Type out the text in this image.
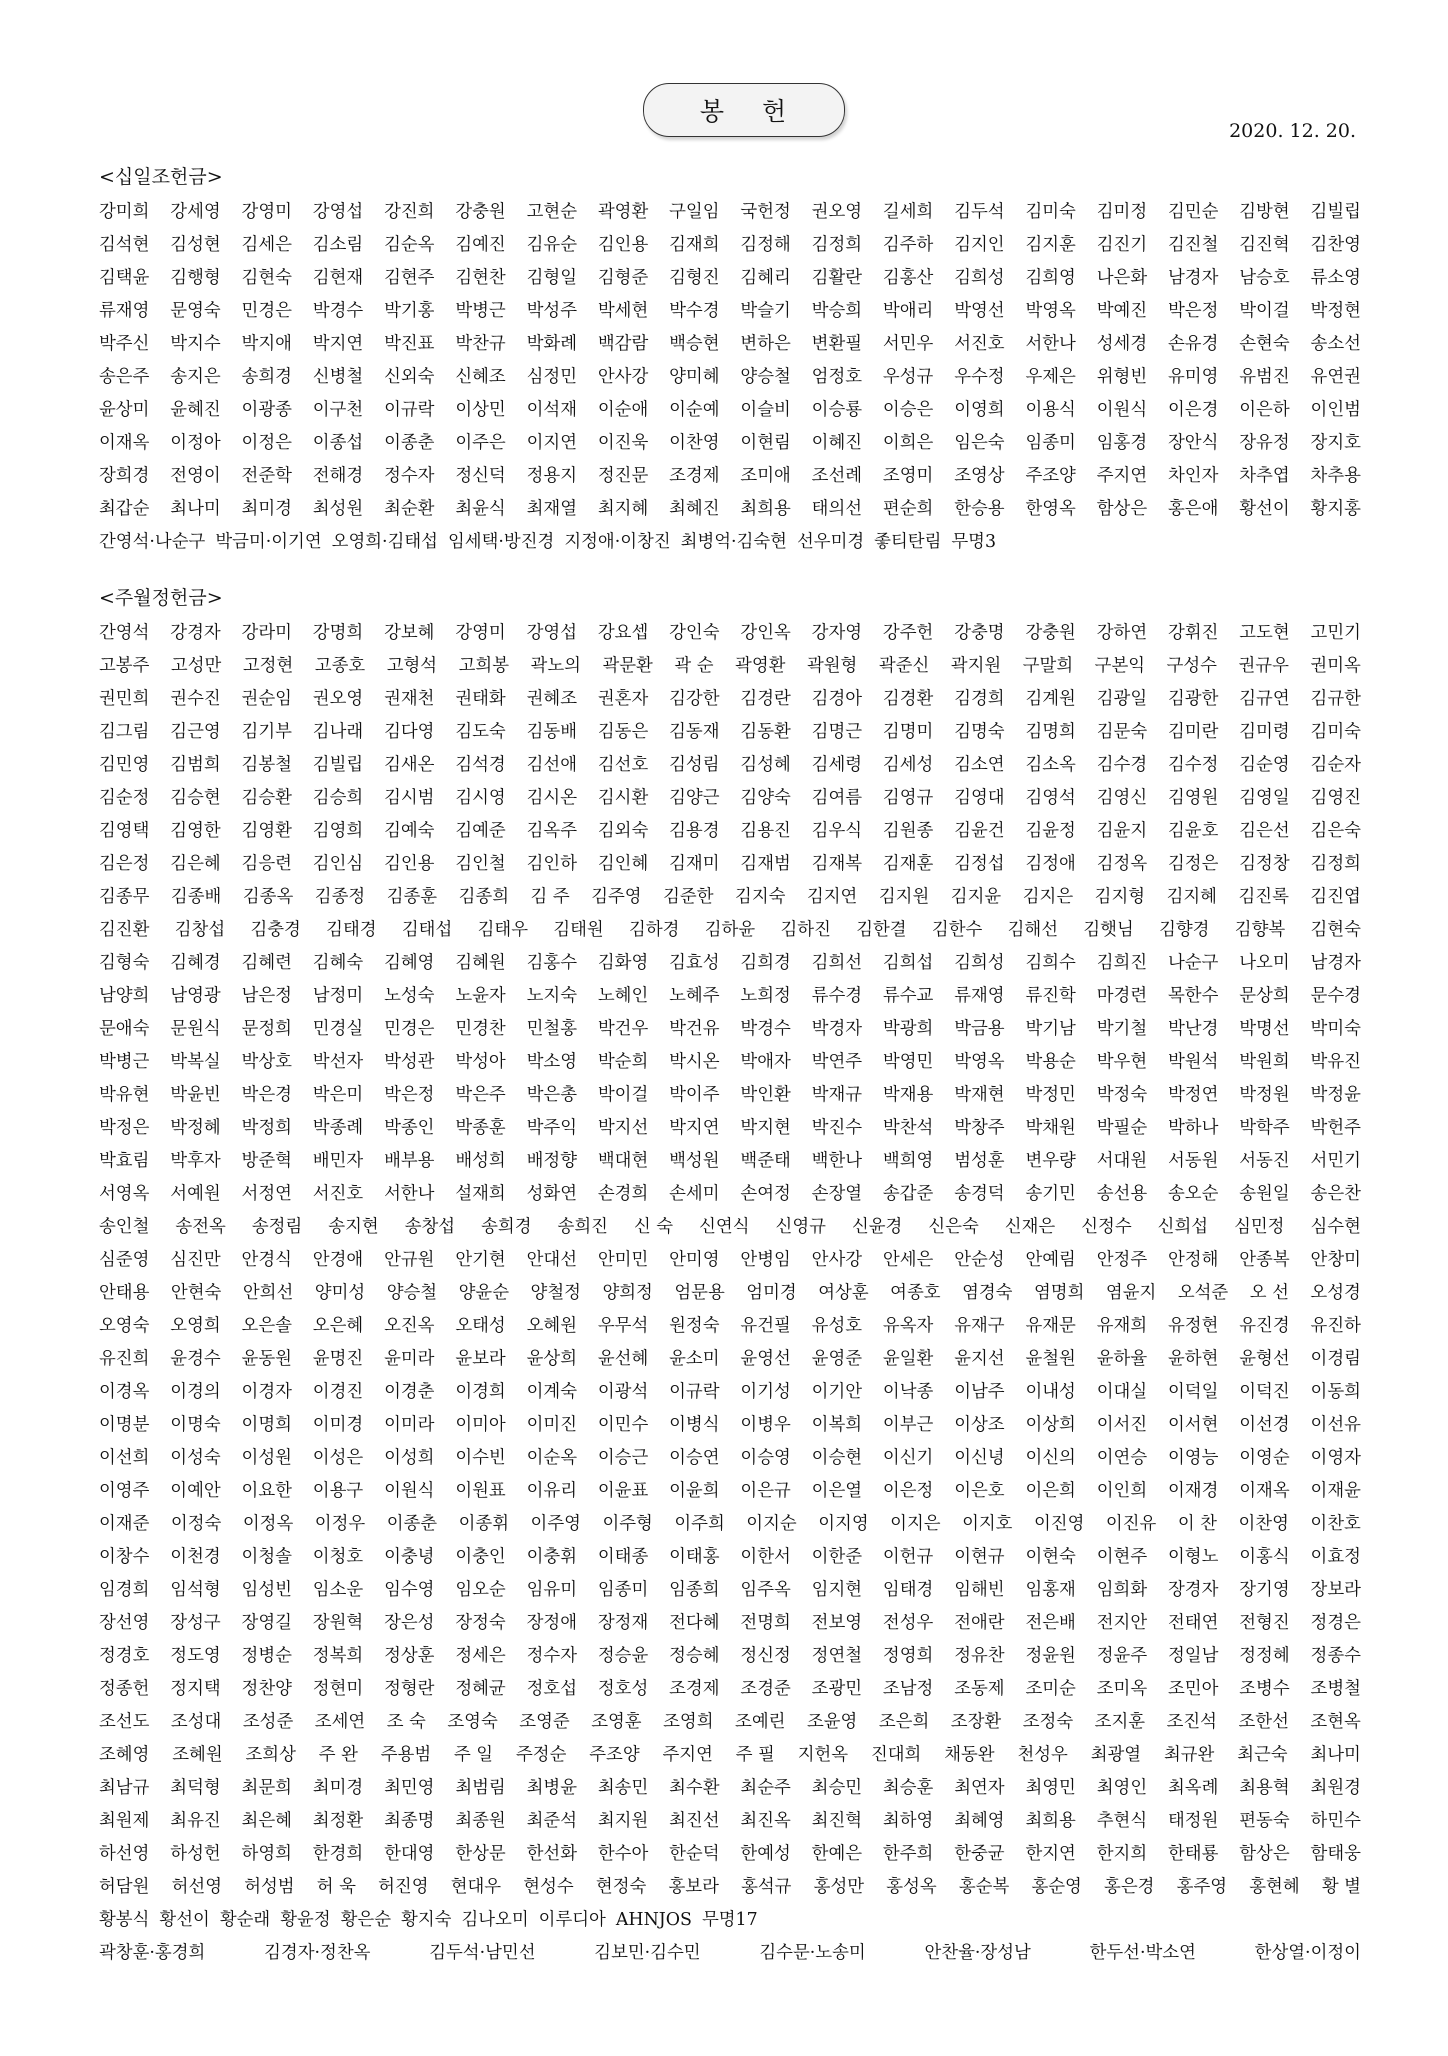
봉 헌
2020. 12. 20.
<십일조헌금>
강미희 강세영 강영미 강영섭 강진희 강충원 고현순 곽영환 구일임 국헌정 권오영 길세희 김두석 김미숙 김미정 김민순 김방현 김빌립
김석현 김성현 김세은 김소림 김순옥 김예진 김유순 김인용 김재희 김정해 김정희 김주하 김지인 김지훈 김진기 김진철 김진혁 김찬영
김택윤 김행형 김현숙 김현재 김현주 김현찬 김형일 김형준 김형진 김혜리 김활란 김홍산 김희성 김희영 나은화 남경자 남승호 류소영
류재영 문영숙 민경은 박경수 박기홍 박병근 박성주 박세현 박수경 박슬기 박승희 박애리 박영선 박영옥 박예진 박은정 박이걸 박정현
박주신 박지수 박지애 박지연 박진표 박찬규 박화례 백감람 백승현 변하은 변환필 서민우 서진호 서한나 성세경 손유경 손현숙 송소선
송은주 송지은 송희경 신병철 신외숙 신혜조 심정민 안사강 양미혜 양승철 엄정호 우성규 우수정 우제은 위형빈 유미영 유범진 유연권
윤상미 윤혜진 이광종 이구천 이규락 이상민 이석재 이순애 이순예 이슬비 이승룡 이승은 이영희 이용식 이원식 이은경 이은하 이인범
이재옥 이정아 이정은 이종섭 이종춘 이주은 이지연 이진욱 이찬영 이현림 이혜진 이희은 임은숙 임종미 임홍경 장안식 장유정 장지호
장희경 전영이 전준학 전해경 정수자 정신덕 정용지 정진문 조경제 조미애 조선례 조영미 조영상 주조양 주지연 차인자 차추엽 차추용
최갑순 최나미 최미경 최성원 최순환 최윤식 최재열 최지혜 최혜진 최희용 태의선 편순희 한승용 한영옥 함상은 홍은애 황선이 황지홍
간영석·나순구 박금미·이기연 오영희·김태섭 임세택·방진경 지정애·이창진 최병억·김숙현 선우미경 좋티탄림 무명3
<주월정헌금>
간영석 강경자 강라미 강명희 강보혜 강영미 강영섭 강요셉 강인숙 강인옥 강자영 강주헌 강충명 강충원 강하연 강휘진 고도현 고민기
고봉주 고성만 고정현 고종호 고형석 고희봉 곽노의 곽문환 곽 순 곽영환 곽원형 곽준신 곽지원 구말희 구본익 구성수 권규우 권미옥
권민희 권수진 권순임 권오영 권재천 권태화 권혜조 권혼자 김강한 김경란 김경아 김경환 김경희 김계원 김광일 김광한 김규연 김규한
김그림 김근영 김기부 김나래 김다영 김도숙 김동배 김동은 김동재 김동환 김명근 김명미 김명숙 김명희 김문숙 김미란 김미령 김미숙
김민영 김범희 김봉철 김빌립 김새온 김석경 김선애 김선호 김성림 김성혜 김세령 김세성 김소연 김소옥 김수경 김수정 김순영 김순자
김순정 김승현 김승환 김승희 김시범 김시영 김시온 김시환 김양근 김양숙 김여름 김영규 김영대 김영석 김영신 김영원 김영일 김영진
김영택 김영한 김영환 김영희 김예숙 김예준 김옥주 김외숙 김용경 김용진 김우식 김원종 김윤건 김윤정 김윤지 김윤호 김은선 김은숙
김은정 김은혜 김응련 김인심 김인용 김인철 김인하 김인혜 김재미 김재범 김재복 김재훈 김정섭 김정애 김정옥 김정은 김정창 김정희
김종무 김종배 김종옥 김종정 김종훈 김종희 김 주 김주영 김준한 김지숙 김지연 김지원 김지윤 김지은 김지형 김지혜 김진록 김진엽
김진환 김창섭 김충경 김태경 김태섭 김태우 김태원 김하경 김하윤 김하진 김한결 김한수 김해선 김햇님 김향경 김향복 김현숙
김형숙 김혜경 김혜련 김혜숙 김혜영 김혜원 김홍수 김화영 김효성 김희경 김희선 김희섭 김희성 김희수 김희진 나순구 나오미 남경자
남양희 남영광 남은정 남정미 노성숙 노윤자 노지숙 노혜인 노혜주 노희정 류수경 류수교 류재영 류진학 마경련 목한수 문상희 문수경
문애숙 문원식 문정희 민경실 민경은 민경찬 민철홍 박건우 박건유 박경수 박경자 박광희 박금용 박기남 박기철 박난경 박명선 박미숙
박병근 박복실 박상호 박선자 박성관 박성아 박소영 박순희 박시온 박애자 박연주 박영민 박영옥 박용순 박우현 박원석 박원희 박유진
박유현 박윤빈 박은경 박은미 박은정 박은주 박은총 박이걸 박이주 박인환 박재규 박재용 박재현 박정민 박정숙 박정연 박정원 박정윤
박정은 박정혜 박정희 박종례 박종인 박종훈 박주익 박지선 박지연 박지현 박진수 박찬석 박창주 박채원 박필순 박하나 박학주 박헌주
박효림 박후자 방준혁 배민자 배부용 배성희 배정향 백대현 백성원 백준태 백한나 백희영 범성훈 변우량 서대원 서동원 서동진 서민기
서영옥 서예원 서정연 서진호 서한나 설재희 성화연 손경희 손세미 손여정 손장열 송갑준 송경덕 송기민 송선용 송오순 송원일 송은찬
송인철 송전옥 송정림 송지현 송창섭 송희경 송희진 신 숙 신연식 신영규 신윤경 신은숙 신재은 신정수 신희섭 심민정 심수현
심준영 심진만 안경식 안경애 안규원 안기현 안대선 안미민 안미영 안병임 안사강 안세은 안순성 안예림 안정주 안정해 안종복 안창미
안태용 안현숙 안희선 양미성 양승철 양윤순 양철정 양희정 엄문용 엄미경 여상훈 여종호 염경숙 염명희 염윤지 오석준 오 선 오성경
오영숙 오영희 오은솔 오은혜 오진옥 오태성 오혜원 우무석 원정숙 유건필 유성호 유옥자 유재구 유재문 유재희 유정현 유진경 유진하
유진희 윤경수 윤동원 윤명진 윤미라 윤보라 윤상희 윤선혜 윤소미 윤영선 윤영준 윤일환 윤지선 윤철원 윤하율 윤하현 윤형선 이경림
이경옥 이경의 이경자 이경진 이경춘 이경희 이계숙 이광석 이규락 이기성 이기안 이낙종 이남주 이내성 이대실 이덕일 이덕진 이동희
이명분 이명숙 이명희 이미경 이미라 이미아 이미진 이민수 이병식 이병우 이복희 이부근 이상조 이상희 이서진 이서현 이선경 이선유
이선희 이성숙 이성원 이성은 이성희 이수빈 이순옥 이승근 이승연 이승영 이승현 이신기 이신녕 이신의 이연승 이영능 이영순 이영자
이영주 이예안 이요한 이용구 이원식 이원표 이유리 이윤표 이윤희 이은규 이은열 이은정 이은호 이은희 이인희 이재경 이재옥 이재윤
이재준 이정숙 이정옥 이정우 이종춘 이종휘 이주영 이주형 이주희 이지순 이지영 이지은 이지호 이진영 이진유 이 찬 이찬영 이찬호
이창수 이천경 이청솔 이청호 이충녕 이충인 이충휘 이태종 이태홍 이한서 이한준 이헌규 이현규 이현숙 이현주 이형노 이홍식 이효정
임경희 임석형 임성빈 임소운 임수영 임오순 임유미 임종미 임종희 임주옥 임지현 임태경 임해빈 임홍재 임희화 장경자 장기영 장보라
장선영 장성구 장영길 장원혁 장은성 장정숙 장정애 장정재 전다혜 전명희 전보영 전성우 전애란 전은배 전지안 전태연 전형진 정경은
정경호 정도영 정병순 정복희 정상훈 정세은 정수자 정승윤 정승혜 정신정 정연철 정영희 정유찬 정윤원 정윤주 정일남 정정혜 정종수
정종헌 정지택 정찬양 정현미 정형란 정혜균 정호섭 정호성 조경제 조경준 조광민 조남정 조동제 조미순 조미옥 조민아 조병수 조병철
조선도 조성대 조성준 조세연 조 숙 조영숙 조영준 조영훈 조영희 조예린 조윤영 조은희 조장환 조정숙 조지훈 조진석 조한선 조현옥
조혜영 조혜원 조희상 주 완 주용범 주 일 주정순 주조양 주지연 주 필 지헌옥 진대희 채동완 천성우 최광열 최규완 최근숙 최나미
최남규 최덕형 최문희 최미경 최민영 최범림 최병윤 최송민 최수환 최순주 최승민 최승훈 최연자 최영민 최영인 최옥례 최용혁 최원경
최원제 최유진 최은혜 최정환 최종명 최종원 최준석 최지원 최진선 최진옥 최진혁 최하영 최혜영 최희용 추현식 태정원 편동숙 하민수
하선영 하성헌 하영희 한경희 한대영 한상문 한선화 한수아 한순덕 한예성 한예은 한주희 한중균 한지연 한지희 한태룡 함상은 함태웅
허담원 허선영 허성범 허 욱 허진영 현대우 현성수 현정숙 홍보라 홍석규 홍성만 홍성옥 홍순복 홍순영 홍은경 홍주영 홍현혜 황 별
황봉식 황선이 황순래 황윤정 황은순 황지숙 김나오미 이루디아 AHNJOS 무명17
곽창훈·홍경희	김경자·정찬옥	김두석·남민선	김보민·김수민	김수문·노송미	안찬율·장성남	한두선·박소연	한상열·이정이
